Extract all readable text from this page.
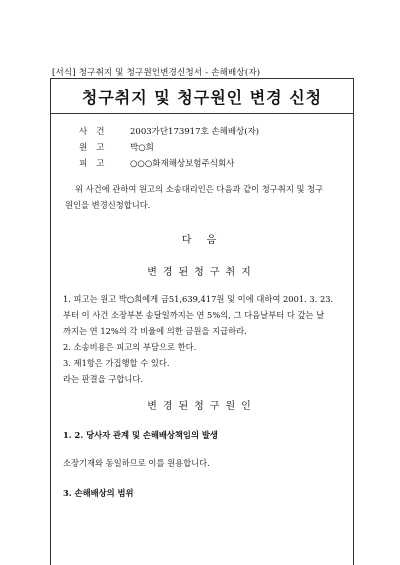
[서식] 청구취지 및 청구원인변경신청서 - 손해배상(자)
청구취지 및 청구원인 변경 신청
사건	2003가단173917호 손해배상(자)
원고	박○희
피고	○○○화재해상보험주식회사
위 사건에 관하여 원고의 소송대리인은 다음과 같이 청구취지 및 청구
원인을 변경신청합니다.
다 음
변경된청구취지
1. 피고는 원고 박○희에게 금51,639,417원 및 이에 대하여 2001. 3. 23.
부터 이 사건 소장부본 송달일까지는 연 5%의, 그 다음날부터 다 갚는 날
까지는 연 12%의 각 비율에 의한 금원을 지급하라.
2. 소송비용은 피고의 부담으로 한다.
3. 제1항은 가집행할 수 있다.
라는 판결을 구합니다.
변경된청구원인
1. 2. 당사자 관계 및 손해배상책임의 발생
소장기재와 동일하므로 이를 원용합니다.
3. 손해배상의 범위
